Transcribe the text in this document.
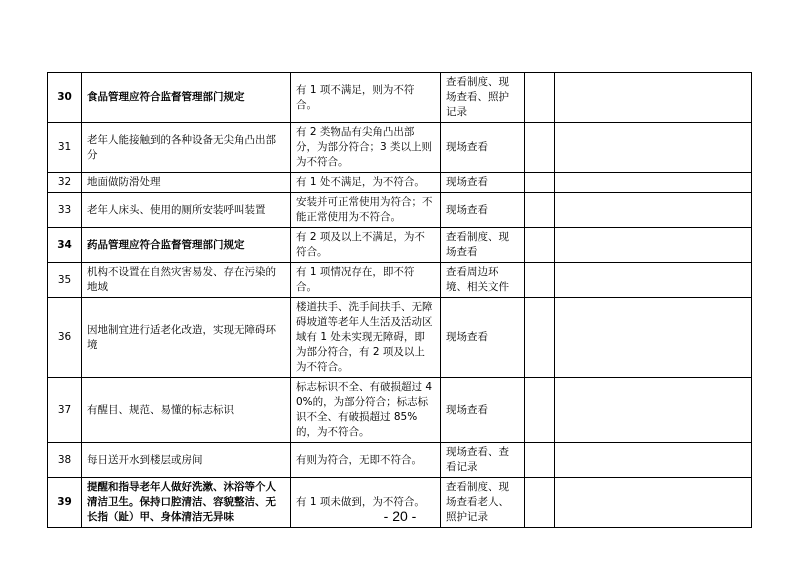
30	食品管理应符合监督管理部门规定	有 1 项不满足，则为不符合。	查看制度、现场查看、照护记录		
31	老年人能接触到的各种设备无尖角凸出部分	有 2 类物品有尖角凸出部分，为部分符合；3 类以上则为不符合。	现场查看		
32	地面做防滑处理	有 1 处不满足，为不符合。	现场查看		
33	老年人床头、使用的厕所安装呼叫装置	安装并可正常使用为符合；不能正常使用为不符合。	现场查看		
34	药品管理应符合监督管理部门规定	有 2 项及以上不满足，为不符合。	查看制度、现场查看		
35	机构不设置在自然灾害易发、存在污染的地域	有 1 项情况存在，即不符合。	查看周边环境、相关文件		
36	因地制宜进行适老化改造，实现无障碍环境	楼道扶手、洗手间扶手、无障碍坡道等老年人生活及活动区域有 1 处未实现无障碍，即为部分符合，有 2 项及以上为不符合。	现场查看		
37	有醒目、规范、易懂的标志标识	标志标识不全、有破损超过 40%的，为部分符合；标志标识不全、有破损超过 85%的，为不符合。	现场查看		
38	每日送开水到楼层或房间	有则为符合，无即不符合。	现场查看、查看记录		
39	提醒和指导老年人做好洗漱、沐浴等个人清洁卫生。保持口腔清洁、容貌整洁、无长指（趾）甲、身体清洁无异味	有 1 项未做到，为不符合。	查看制度、现场查看老人、照护记录		
- 20 -
